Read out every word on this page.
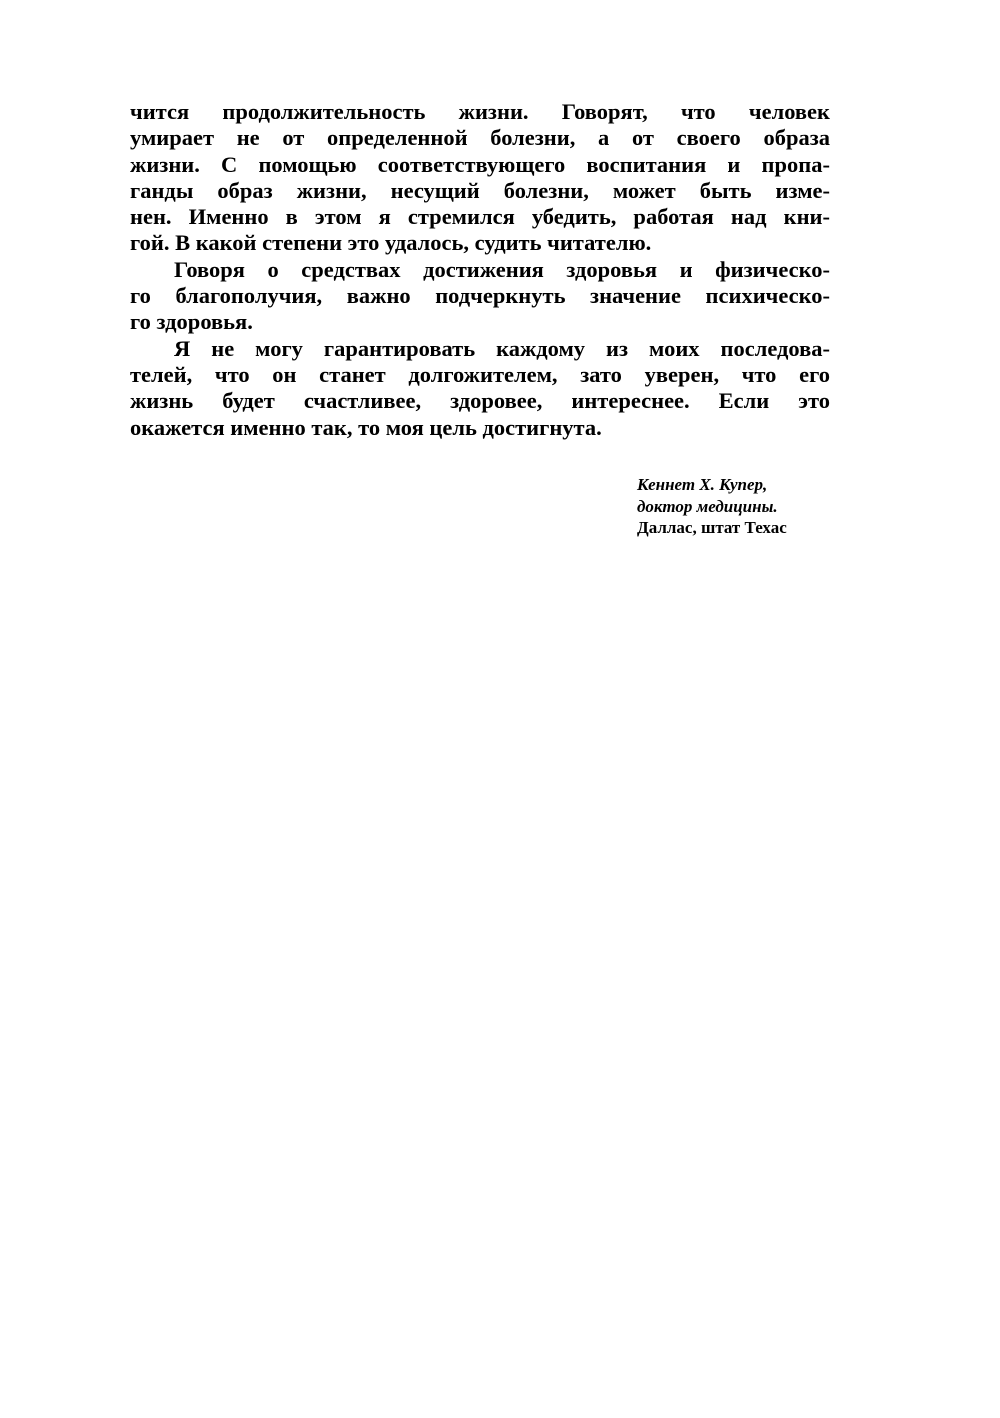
чится продолжительность жизни. Говорят, что человек
умирает не от определенной болезни, а от своего образа
жизни. С помощью соответствующего воспитания и пропа-
ганды образ жизни, несущий болезни, может быть изме-
нен. Именно в этом я стремился убедить, работая над кни-
гой. В какой степени это удалось, судить читателю.
Говоря о средствах достижения здоровья и физическо-
го благополучия, важно подчеркнуть значение психическо-
го здоровья.
Я не могу гарантировать каждому из моих последова-
телей, что он станет долгожителем, зато уверен, что его
жизнь будет счастливее, здоровее, интереснее. Если это
окажется именно так, то моя цель достигнута.
Кеннет X. Купер,
доктор медицины.
Даллас, штат Техас
